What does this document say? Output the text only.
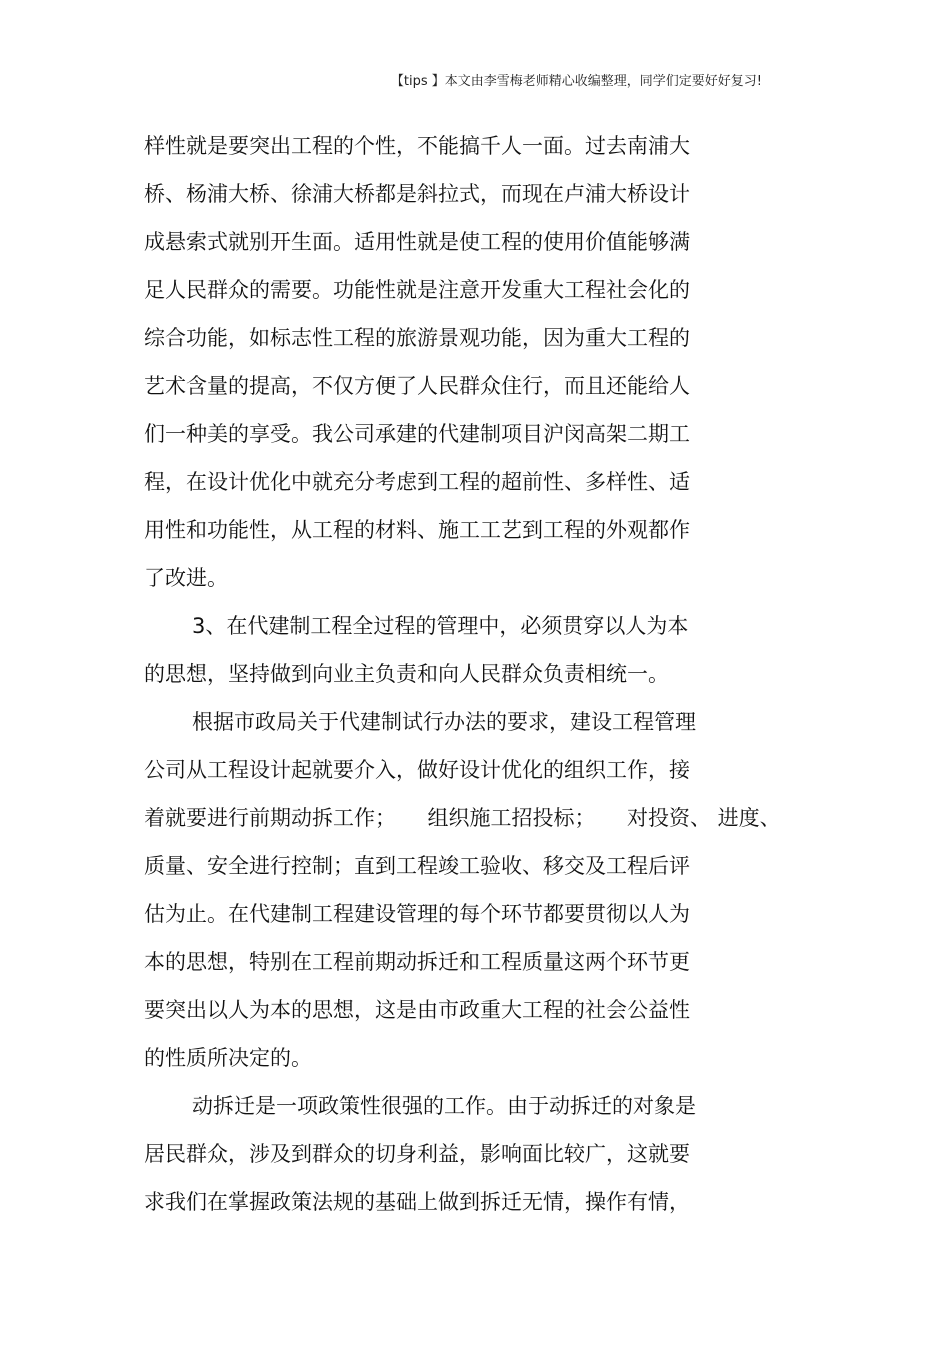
【tips 】本文由李雪梅老师精心收编整理，同学们定要好好复习!
样性就是要突出工程的个性，不能搞千人一面。过去南浦大
桥、杨浦大桥、徐浦大桥都是斜拉式，而现在卢浦大桥设计
成悬索式就别开生面。适用性就是使工程的使用价值能够满
足人民群众的需要。功能性就是注意开发重大工程社会化的
综合功能，如标志性工程的旅游景观功能，因为重大工程的
艺术含量的提高，不仅方便了人民群众住行，而且还能给人
们一种美的享受。我公司承建的代建制项目沪闵高架二期工
程，在设计优化中就充分考虑到工程的超前性、多样性、适
用性和功能性，从工程的材料、施工工艺到工程的外观都作
了改进。
3、在代建制工程全过程的管理中，必须贯穿以人为本
的思想，坚持做到向业主负责和向人民群众负责相统一。
根据市政局关于代建制试行办法的要求，建设工程管理
公司从工程设计起就要介入，做好设计优化的组织工作，接
着就要进行前期动拆工作；　　组织施工招投标；　　对投资、 进度、
质量、安全进行控制；直到工程竣工验收、移交及工程后评
估为止。在代建制工程建设管理的每个环节都要贯彻以人为
本的思想，特别在工程前期动拆迁和工程质量这两个环节更
要突出以人为本的思想，这是由市政重大工程的社会公益性
的性质所决定的。
动拆迁是一项政策性很强的工作。由于动拆迁的对象是
居民群众，涉及到群众的切身利益，影响面比较广，这就要
求我们在掌握政策法规的基础上做到拆迁无情，操作有情，
